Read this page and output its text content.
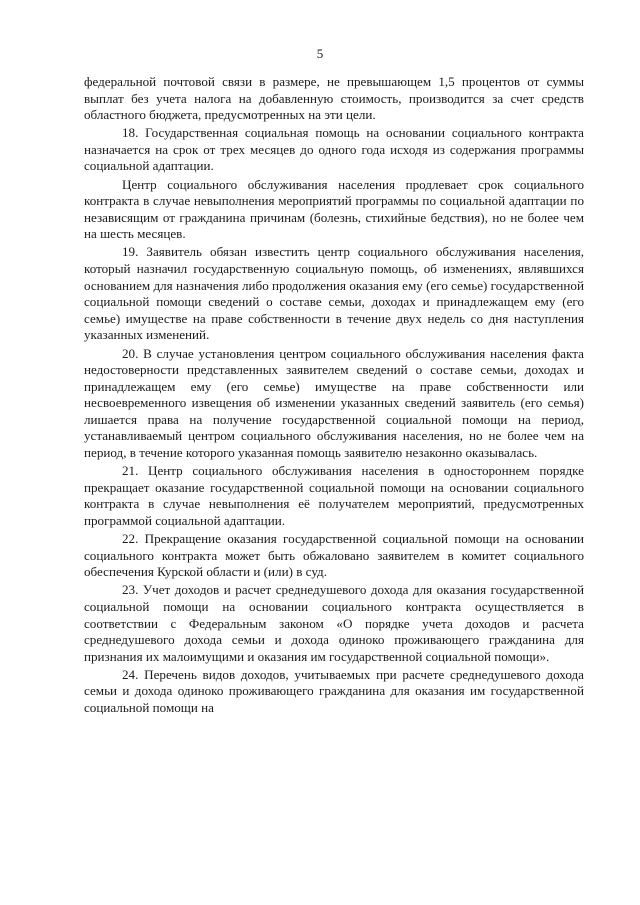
5

федеральной почтовой связи в размере, не превышающем 1,5 процентов от суммы выплат без учета налога на добавленную стоимость, производится за счет средств областного бюджета, предусмотренных на эти цели.

18. Государственная социальная помощь на основании социального контракта назначается на срок от трех месяцев до одного года исходя из содержания программы социальной адаптации.

Центр социального обслуживания населения продлевает срок социального контракта в случае невыполнения мероприятий программы по социальной адаптации по независящим от гражданина причинам (болезнь, стихийные бедствия), но не более чем на шесть месяцев.

19. Заявитель обязан известить центр социального обслуживания населения, который назначил государственную социальную помощь, об изменениях, являвшихся основанием для назначения либо продолжения оказания ему (его семье) государственной социальной помощи сведений о составе семьи, доходах и принадлежащем ему (его семье) имуществе на праве собственности в течение двух недель со дня наступления указанных изменений.

20. В случае установления центром социального обслуживания населения факта недостоверности представленных заявителем сведений о составе семьи, доходах и принадлежащем ему (его семье) имуществе на праве собственности или несвоевременного извещения об изменении указанных сведений заявитель (его семья) лишается права на получение государственной социальной помощи на период, устанавливаемый центром социального обслуживания населения, но не более чем на период, в течение которого указанная помощь заявителю незаконно оказывалась.

21. Центр социального обслуживания населения в одностороннем порядке прекращает оказание государственной социальной помощи на основании социального контракта в случае невыполнения её получателем мероприятий, предусмотренных программой социальной адаптации.

22. Прекращение оказания государственной социальной помощи на основании социального контракта может быть обжаловано заявителем в комитет социального обеспечения Курской области и (или) в суд.

23. Учет доходов и расчет среднедушевого дохода для оказания государственной социальной помощи на основании социального контракта осуществляется в соответствии с Федеральным законом «О порядке учета доходов и расчета среднедушевого дохода семьи и дохода одиноко проживающего гражданина для признания их малоимущими и оказания им государственной социальной помощи».

24. Перечень видов доходов, учитываемых при расчете среднедушевого дохода семьи и дохода одиноко проживающего гражданина для оказания им государственной социальной помощи на
